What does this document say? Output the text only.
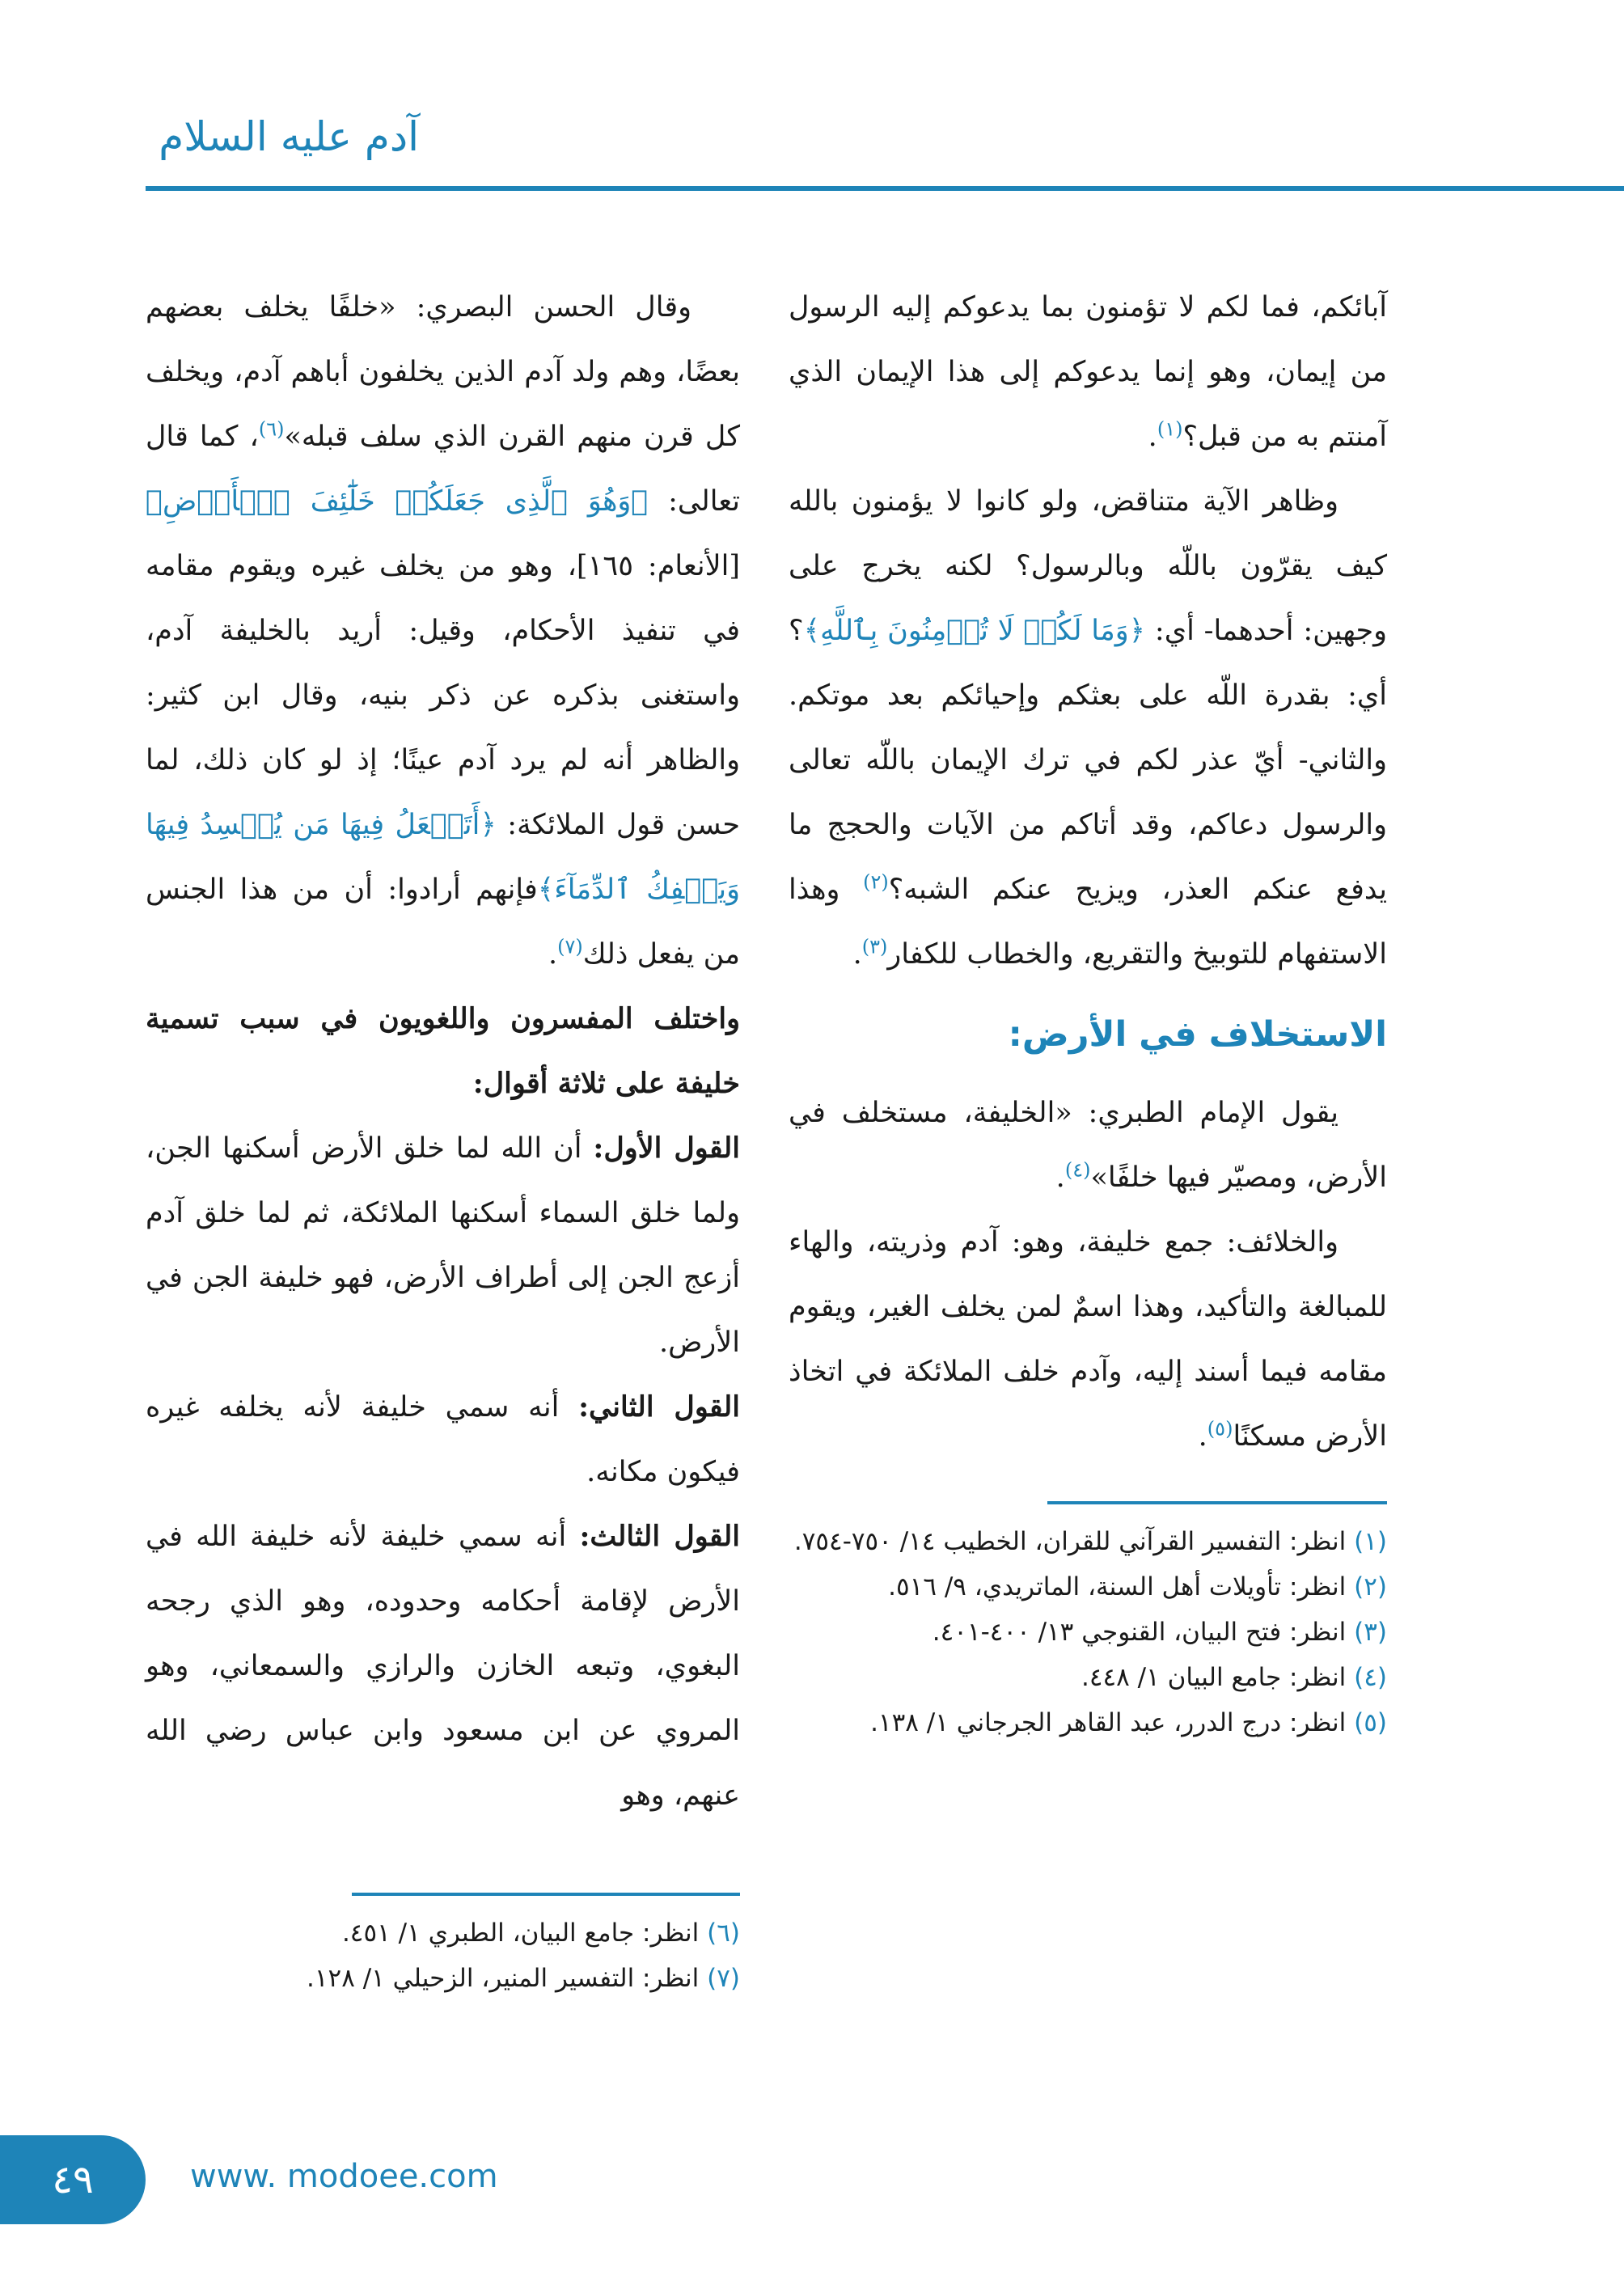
آدم عليه السلام

آبائكم، فما لكم لا تؤمنون بما يدعوكم إليه الرسول من إيمان، وهو إنما يدعوكم إلى هذا الإيمان الذي آمنتم به من قبل؟$^{(١)}$.

وظاهر الآية متناقض، ولو كانوا لا يؤمنون بالله كيف يقرّون باللّه وبالرسول؟ لكنه يخرج على وجهين: أحدهما- أي: ﴿وَمَا لَكُمۡ لَا تُؤۡمِنُونَ بِٱللَّهِ﴾؟ أي: بقدرة اللّه على بعثكم وإحيائكم بعد موتكم. والثاني- أيّ عذر لكم في ترك الإيمان باللّه تعالى والرسول دعاكم، وقد أتاكم من الآيات والحجج ما يدفع عنكم العذر، ويزيح عنكم الشبه؟$^{(٢)}$ وهذا الاستفهام للتوبيخ والتقريع، والخطاب للكفار$^{(٣)}$.

الاستخلاف في الأرض:

يقول الإمام الطبري: «الخليفة، مستخلف في الأرض، ومصيّر فيها خلفًا»$^{(٤)}$.

والخلائف: جمع خليفة، وهو: آدم وذريته، والهاء للمبالغة والتأكيد، وهذا اسمٌ لمن يخلف الغير، ويقوم مقامه فيما أسند إليه، وآدم خلف الملائكة في اتخاذ الأرض مسكنًا$^{(٥)}$.

(١) انظر: التفسير القرآني للقران، الخطيب ١٤/ ٧٥٠-٧٥٤.

(٢) انظر: تأويلات أهل السنة، الماتريدي، ٩/ ٥١٦.

(٣) انظر: فتح البيان، القنوجي ١٣/ ٤٠٠-٤٠١.

(٤) انظر: جامع البيان ١/ ٤٤٨.

(٥) انظر: درج الدرر، عبد القاهر الجرجاني ١/ ١٣٨.

وقال الحسن البصري: «خلفًا يخلف بعضهم بعضًا، وهم ولد آدم الذين يخلفون أباهم آدم، ويخلف كل قرن منهم القرن الذي سلف قبله»$^{(٦)}$، كما قال تعالى: ﴿وَهُوَ ٱلَّذِى جَعَلَكُمۡ خَلَٰٓئِفَ ٱلۡأَرۡضِ﴾ [الأنعام: ١٦٥]، وهو من يخلف غيره ويقوم مقامه في تنفيذ الأحكام، وقيل: أريد بالخليفة آدم، واستغنى بذكره عن ذكر بنيه، وقال ابن كثير: والظاهر أنه لم يرد آدم عينًا؛ إذ لو كان ذلك، لما حسن قول الملائكة: ﴿أَتَجۡعَلُ فِيهَا مَن يُفۡسِدُ فِيهَا وَيَسۡفِكُ ٱلدِّمَآءَ﴾فإنهم أرادوا: أن من هذا الجنس من يفعل ذلك$^{(٧)}$.

واختلف المفسرون واللغويون في سبب تسمية خليفة على ثلاثة أقوال:

القول الأول: أن الله لما خلق الأرض أسكنها الجن، ولما خلق السماء أسكنها الملائكة، ثم لما خلق آدم أزعج الجن إلى أطراف الأرض، فهو خليفة الجن في الأرض.

القول الثاني: أنه سمي خليفة لأنه يخلفه غيره فيكون مكانه.

القول الثالث: أنه سمي خليفة لأنه خليفة الله في الأرض لإقامة أحكامه وحدوده، وهو الذي رجحه البغوي، وتبعه الخازن والرازي والسمعاني، وهو المروي عن ابن مسعود وابن عباس رضي الله عنهم، وهو

(٦) انظر: جامع البيان، الطبري ١/ ٤٥١.

(٧) انظر: التفسير المنير، الزحيلي ١/ ١٢٨.

٤٩	www. modoee.com
